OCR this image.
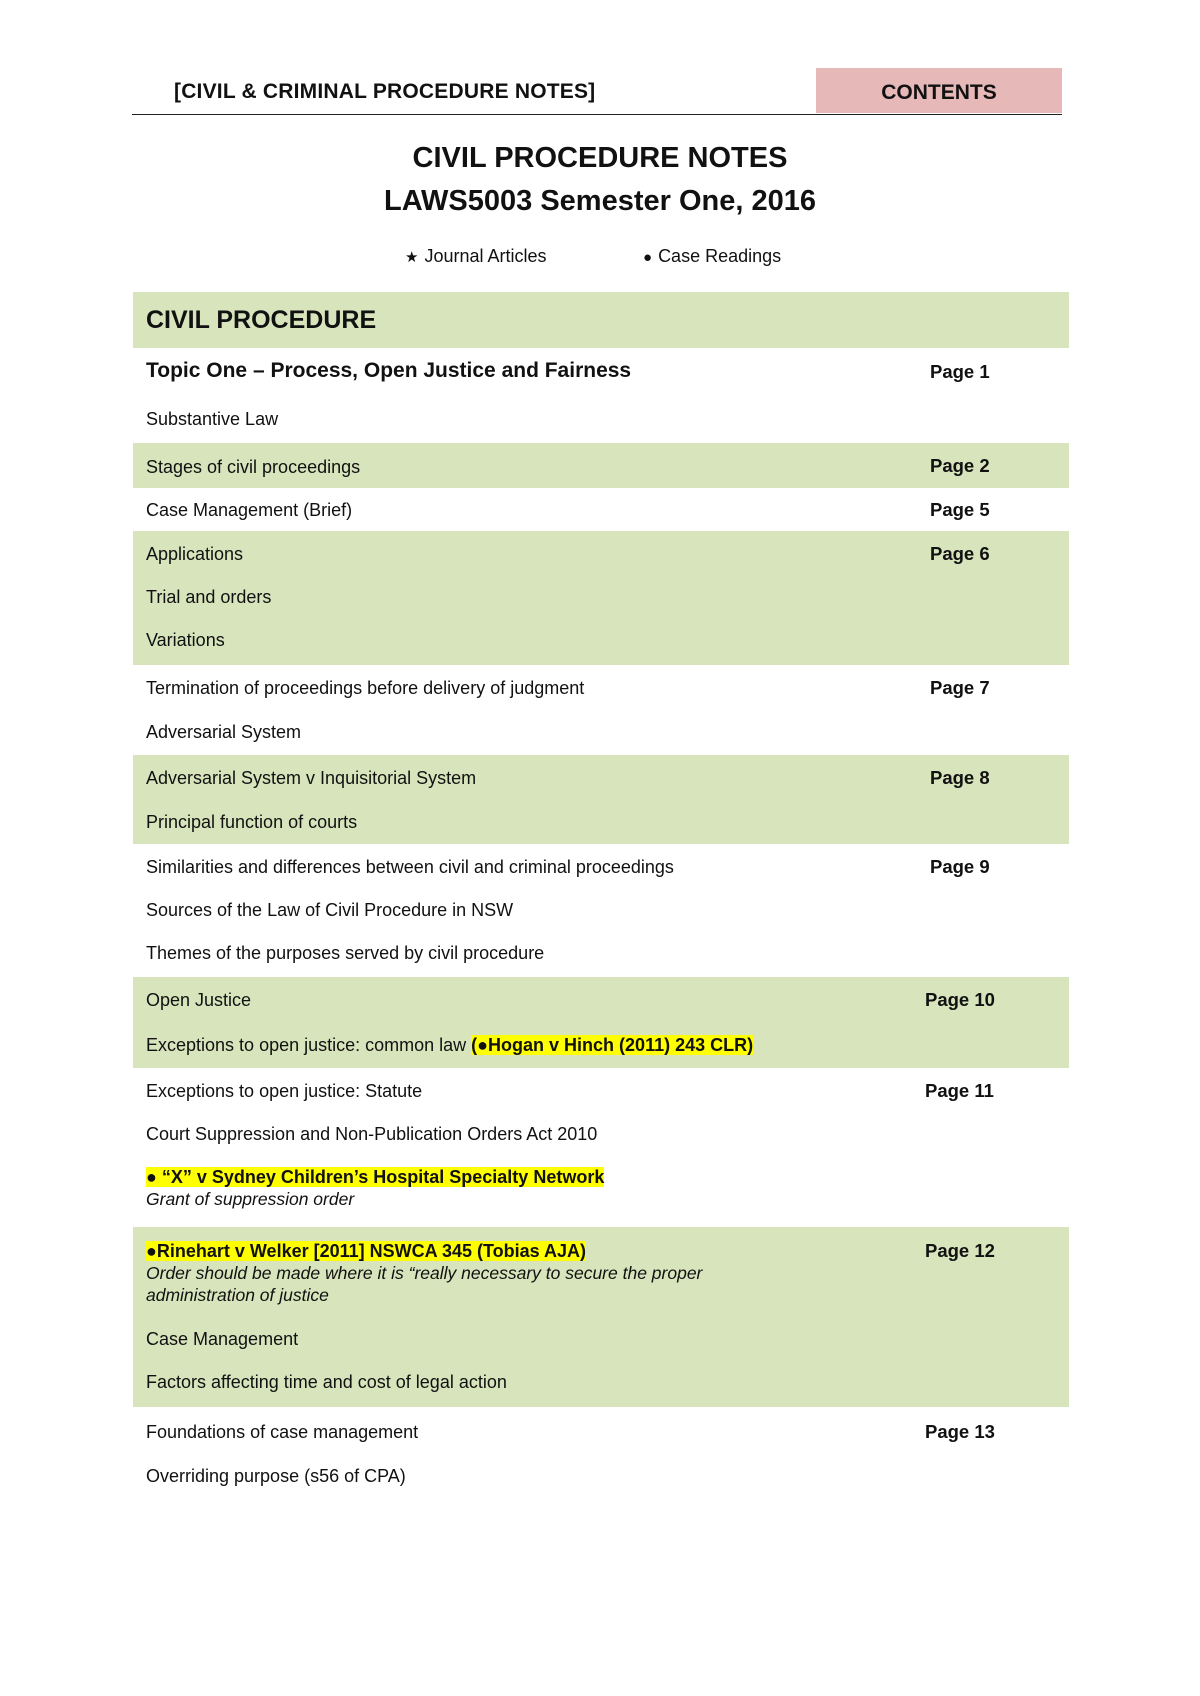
[CIVIL & CRIMINAL PROCEDURE NOTES]	CONTENTS
CIVIL PROCEDURE NOTES
LAWS5003 Semester One, 2016
★ Journal Articles	● Case Readings
CIVIL PROCEDURE
Topic One – Process, Open Justice and Fairness	Page 1
Substantive Law
Stages of civil proceedings	Page 2
Case Management (Brief)	Page 5
Applications	Page 6
Trial and orders
Variations
Termination of proceedings before delivery of judgment	Page 7
Adversarial System
Adversarial System v Inquisitorial System	Page 8
Principal function of courts
Similarities and differences between civil and criminal proceedings	Page 9
Sources of the Law of Civil Procedure in NSW
Themes of the purposes served by civil procedure
Open Justice	Page 10
Exceptions to open justice: common law (●Hogan v Hinch (2011) 243 CLR)
Exceptions to open justice: Statute	Page 11
Court Suppression and Non-Publication Orders Act 2010
● “X” v Sydney Children’s Hospital Specialty Network
Grant of suppression order
●Rinehart v Welker [2011] NSWCA 345 (Tobias AJA)	Page 12
Order should be made where it is “really necessary to secure the proper
administration of justice
Case Management
Factors affecting time and cost of legal action
Foundations of case management	Page 13
Overriding purpose (s56 of CPA)
